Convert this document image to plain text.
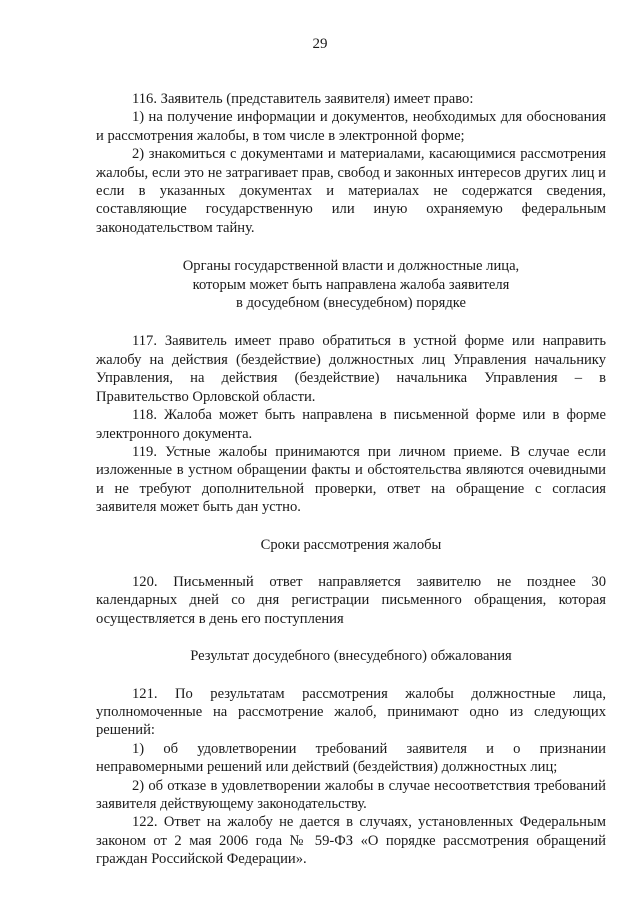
29

116. Заявитель (представитель заявителя) имеет право:

1) на получение информации и документов, необходимых для обоснования и рассмотрения жалобы, в том числе в электронной форме;

2) знакомиться с документами и материалами, касающимися рассмотрения жалобы, если это не затрагивает прав, свобод и законных интересов других лиц и если в указанных документах и материалах не содержатся сведения, составляющие государственную или иную охраняемую федеральным законодательством тайну.

Органы государственной власти и должностные лица,
которым может быть направлена жалоба заявителя
в досудебном (внесудебном) порядке

117. Заявитель имеет право обратиться в устной форме или направить жалобу на действия (бездействие) должностных лиц Управления начальнику Управления, на действия (бездействие) начальника Управления – в Правительство Орловской области.

118. Жалоба может быть направлена в письменной форме или в форме электронного документа.

119. Устные жалобы принимаются при личном приеме. В случае если изложенные в устном обращении факты и обстоятельства являются очевидными и не требуют дополнительной проверки, ответ на обращение с согласия заявителя может быть дан устно.

Сроки рассмотрения жалобы

120. Письменный ответ направляется заявителю не позднее 30 календарных дней со дня регистрации письменного обращения, которая осуществляется в день его поступления

Результат досудебного (внесудебного) обжалования

121. По результатам рассмотрения жалобы должностные лица, уполномоченные на рассмотрение жалоб, принимают одно из следующих решений:

1) об удовлетворении требований заявителя и о признании неправомерными решений или действий (бездействия) должностных лиц;

2) об отказе в удовлетворении жалобы в случае несоответствия требований заявителя действующему законодательству.

122. Ответ на жалобу не дается в случаях, установленных Федеральным законом от 2 мая 2006 года № 59-ФЗ «О порядке рассмотрения обращений граждан Российской Федерации».
